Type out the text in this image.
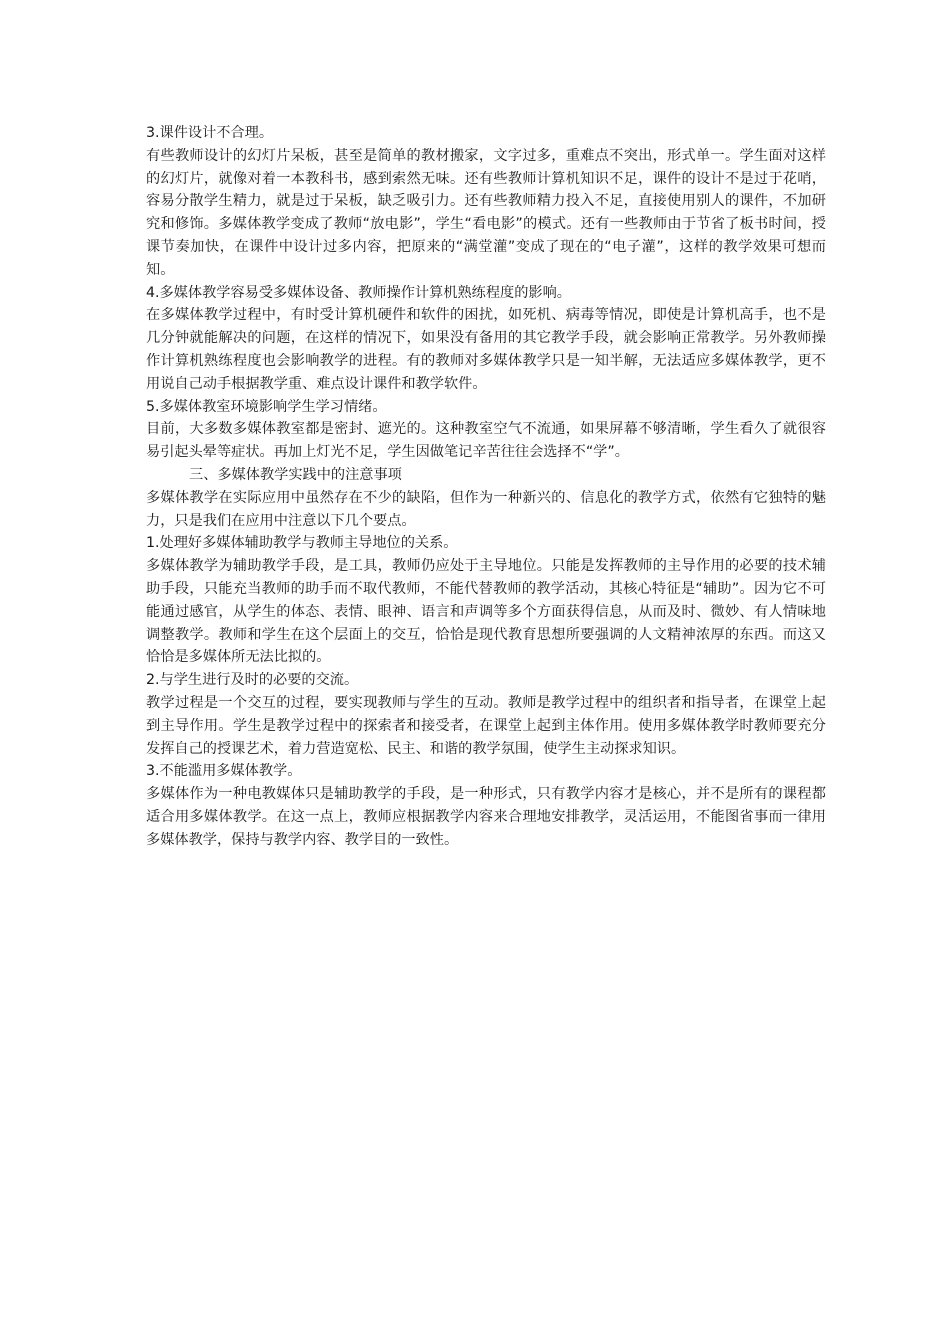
3.课件设计不合理。

有些教师设计的幻灯片呆板，甚至是简单的教材搬家，文字过多，重难点不突出，形式单一。学生面对这样的幻灯片，就像对着一本教科书，感到索然无味。还有些教师计算机知识不足，课件的设计不是过于花哨，容易分散学生精力，就是过于呆板，缺乏吸引力。还有些教师精力投入不足，直接使用别人的课件，不加研究和修饰。多媒体教学变成了教师“放电影”，学生“看电影”的模式。还有一些教师由于节省了板书时间，授课节奏加快，在课件中设计过多内容，把原来的“满堂灌”变成了现在的“电子灌”，这样的教学效果可想而知。

4.多媒体教学容易受多媒体设备、教师操作计算机熟练程度的影响。

在多媒体教学过程中，有时受计算机硬件和软件的困扰，如死机、病毒等情况，即使是计算机高手，也不是几分钟就能解决的问题，在这样的情况下，如果没有备用的其它教学手段，就会影响正常教学。另外教师操作计算机熟练程度也会影响教学的进程。有的教师对多媒体教学只是一知半解，无法适应多媒体教学，更不用说自己动手根据教学重、难点设计课件和教学软件。

5.多媒体教室环境影响学生学习情绪。

目前，大多数多媒体教室都是密封、遮光的。这种教室空气不流通，如果屏幕不够清晰，学生看久了就很容易引起头晕等症状。再加上灯光不足，学生因做笔记辛苦往往会选择不“学”。

三、多媒体教学实践中的注意事项

多媒体教学在实际应用中虽然存在不少的缺陷，但作为一种新兴的、信息化的教学方式，依然有它独特的魅力，只是我们在应用中注意以下几个要点。

1.处理好多媒体辅助教学与教师主导地位的关系。

多媒体教学为辅助教学手段，是工具，教师仍应处于主导地位。只能是发挥教师的主导作用的必要的技术辅助手段，只能充当教师的助手而不取代教师，不能代替教师的教学活动，其核心特征是“辅助”。因为它不可能通过感官，从学生的体态、表情、眼神、语言和声调等多个方面获得信息，从而及时、微妙、有人情味地调整教学。教师和学生在这个层面上的交互，恰恰是现代教育思想所要强调的人文精神浓厚的东西。而这又恰恰是多媒体所无法比拟的。

2.与学生进行及时的必要的交流。

教学过程是一个交互的过程，要实现教师与学生的互动。教师是教学过程中的组织者和指导者，在课堂上起到主导作用。学生是教学过程中的探索者和接受者，在课堂上起到主体作用。使用多媒体教学时教师要充分发挥自己的授课艺术，着力营造宽松、民主、和谐的教学氛围，使学生主动探求知识。

3.不能滥用多媒体教学。

多媒体作为一种电教媒体只是辅助教学的手段，是一种形式，只有教学内容才是核心，并不是所有的课程都适合用多媒体教学。在这一点上，教师应根据教学内容来合理地安排教学，灵活运用，不能图省事而一律用多媒体教学，保持与教学内容、教学目的一致性。
